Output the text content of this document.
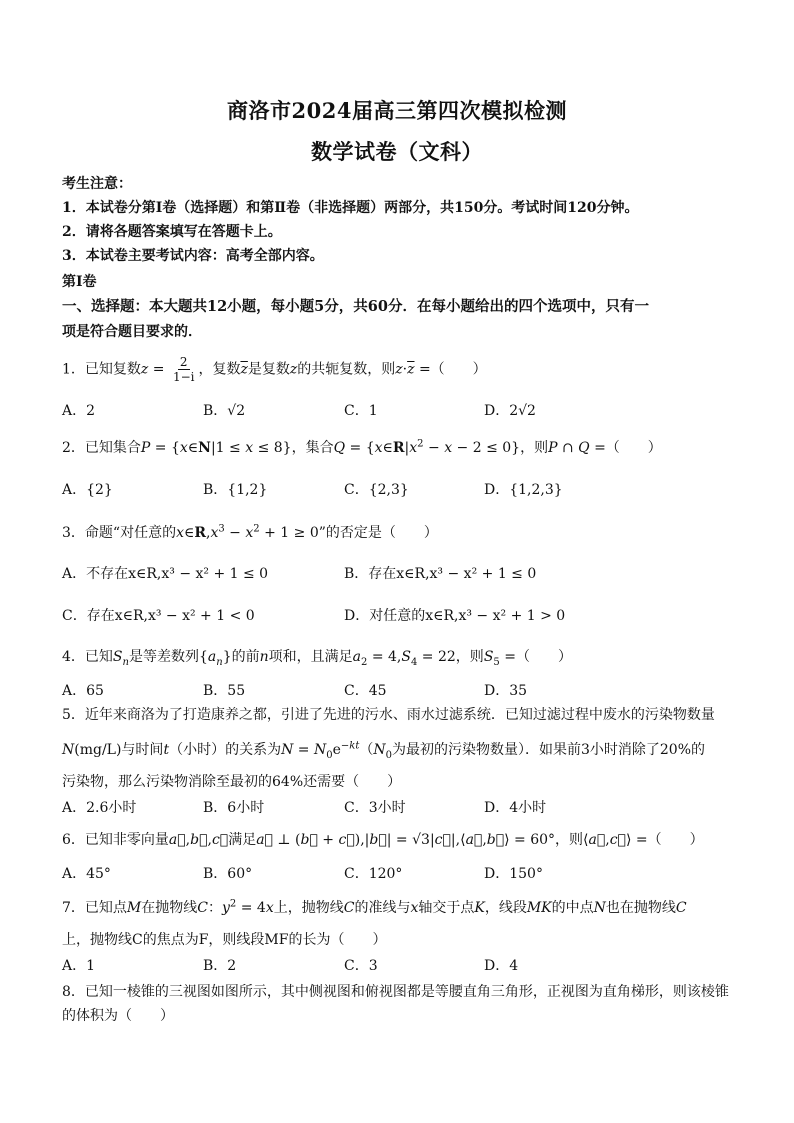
商洛市2024届高三第四次模拟检测
数学试卷（文科）
考生注意：
1．本试卷分第Ⅰ卷（选择题）和第Ⅱ卷（非选择题）两部分，共150分。考试时间120分钟。
2．请将各题答案填写在答题卡上。
3．本试卷主要考试内容：高考全部内容。
第Ⅰ卷
一、选择题：本大题共12小题，每小题5分，共60分．在每小题给出的四个选项中，只有一
项是符合题目要求的．
1．已知复数$z = \frac{2}{1-i}$ ，复数$\overline{z}$是复数z的共轭复数，则$z\cdot\overline{z}$ =（　　）
A．2	B．√2	C．1	D．2√2
2．已知集合P = {x∈N|1 ≤ x ≤ 8}，集合$Q = \{x\in R|x^2 - x - 2 \le 0\}$，则P ∩ Q =（　　）
A．{2}	B．{1,2}	C．{2,3}	D．{1,2,3}
3．命题“对任意的$x\in R,x^3 - x^2 + 1 \ge 0$”的否定是（　　）
A．不存在x∈R,x³ − x² + 1 ≤ 0	B．存在x∈R,x³ − x² + 1 ≤ 0
C．存在x∈R,x³ − x² + 1 < 0	D．对任意的x∈R,x³ − x² + 1 > 0
4．已知$S_n$是等差数列$\{a_n\}$的前n项和，且满足$a_2 = 4,S_4 = 22$，则$S_5$ =（　　）
A．65	B．55	C．45	D．35
5．近年来商洛为了打造康养之都，引进了先进的污水、雨水过滤系统．已知过滤过程中废水的污染物数量
N(mg/L)与时间t（小时）的关系为$N = N_0e^{-kt}(N_0$为最初的污染物数量）．如果前3小时消除了20%的
污染物，那么污染物消除至最初的64%还需要（　　）
A．2.6小时	B．6小时	C．3小时	D．4小时
6．已知非零向量a⃗,b⃗,c⃗满足a⃗ ⊥ (b⃗ + c⃗),|b⃗| = √3|c⃗|,⟨a⃗,b⃗⟩ = 60°，则⟨a⃗,c⃗⟩ =（　　）
A．45°	B．60°	C．120°	D．150°
7．已知点M在抛物线C：$y^2 = 4x$上，抛物线C的准线与x轴交于点K，线段MK的中点N也在抛物线C
上，抛物线C的焦点为F，则线段MF的长为（　　）
A．1	B．2	C．3	D．4
8．已知一棱锥的三视图如图所示，其中侧视图和俯视图都是等腰直角三角形，正视图为直角梯形，则该棱锥
的体积为（　　）
